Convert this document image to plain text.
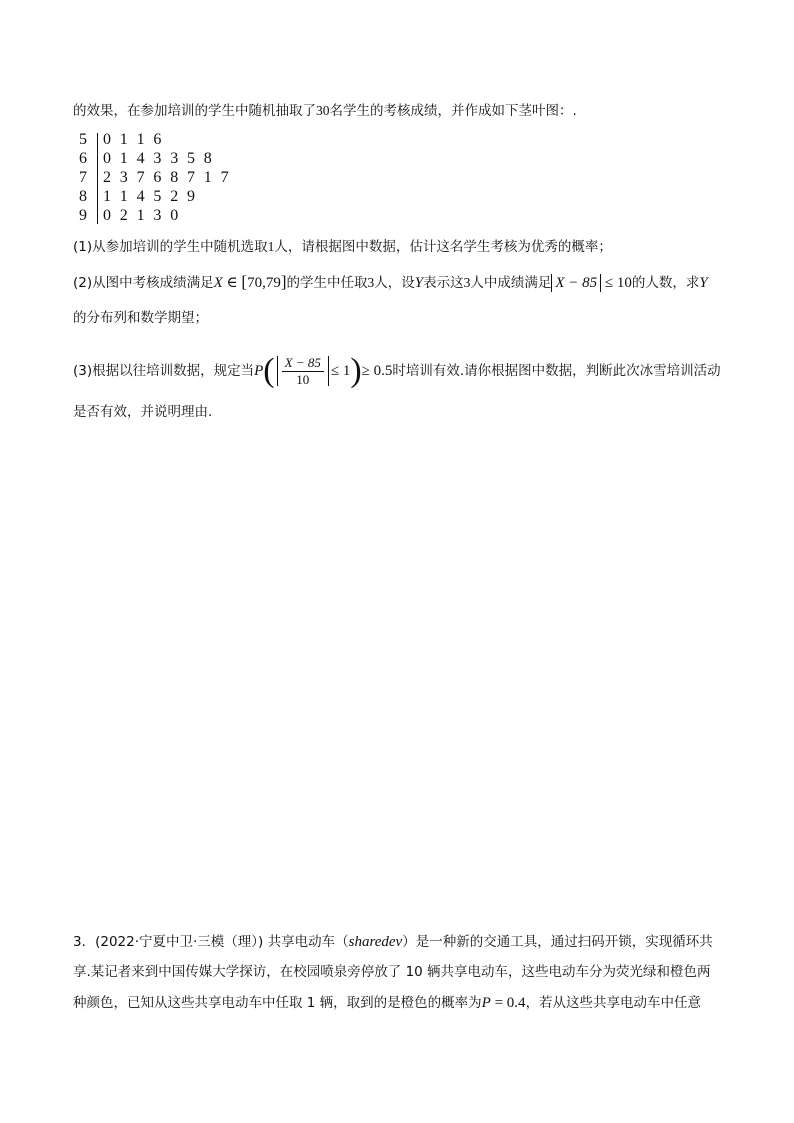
的效果，在参加培训的学生中随机抽取了30名学生的考核成绩，并作成如下茎叶图：.
5 0 1 1 6
6 0 1 4 3 3 5 8
7 2 3 7 6 8 7 1 7
8 1 1 4 5 2 9
9 0 2 1 3 0
(1)从参加培训的学生中随机选取1人，请根据图中数据，估计这名学生考核为优秀的概率；
(2)从图中考核成绩满足X ∈ [70,79]的学生中任取3人，设Y表示这3人中成绩满足 X − 85 ≤ 10的人数，求Y
的分布列和数学期望；
(3)根据以往培训数据，规定当$P( \frac{X - 85}{10} \le 1)\ge 0.5$时培训有效.请你根据图中数据，判断此次冰雪培训活动
是否有效，并说明理由.
3．(2022·宁夏中卫·三模（理）) 共享电动车（sharedev）是一种新的交通工具，通过扫码开锁，实现循环共
享.某记者来到中国传媒大学探访，在校园喷泉旁停放了 10 辆共享电动车，这些电动车分为荧光绿和橙色两
种颜色，已知从这些共享电动车中任取 1 辆，取到的是橙色的概率为P = 0.4，若从这些共享电动车中任意
